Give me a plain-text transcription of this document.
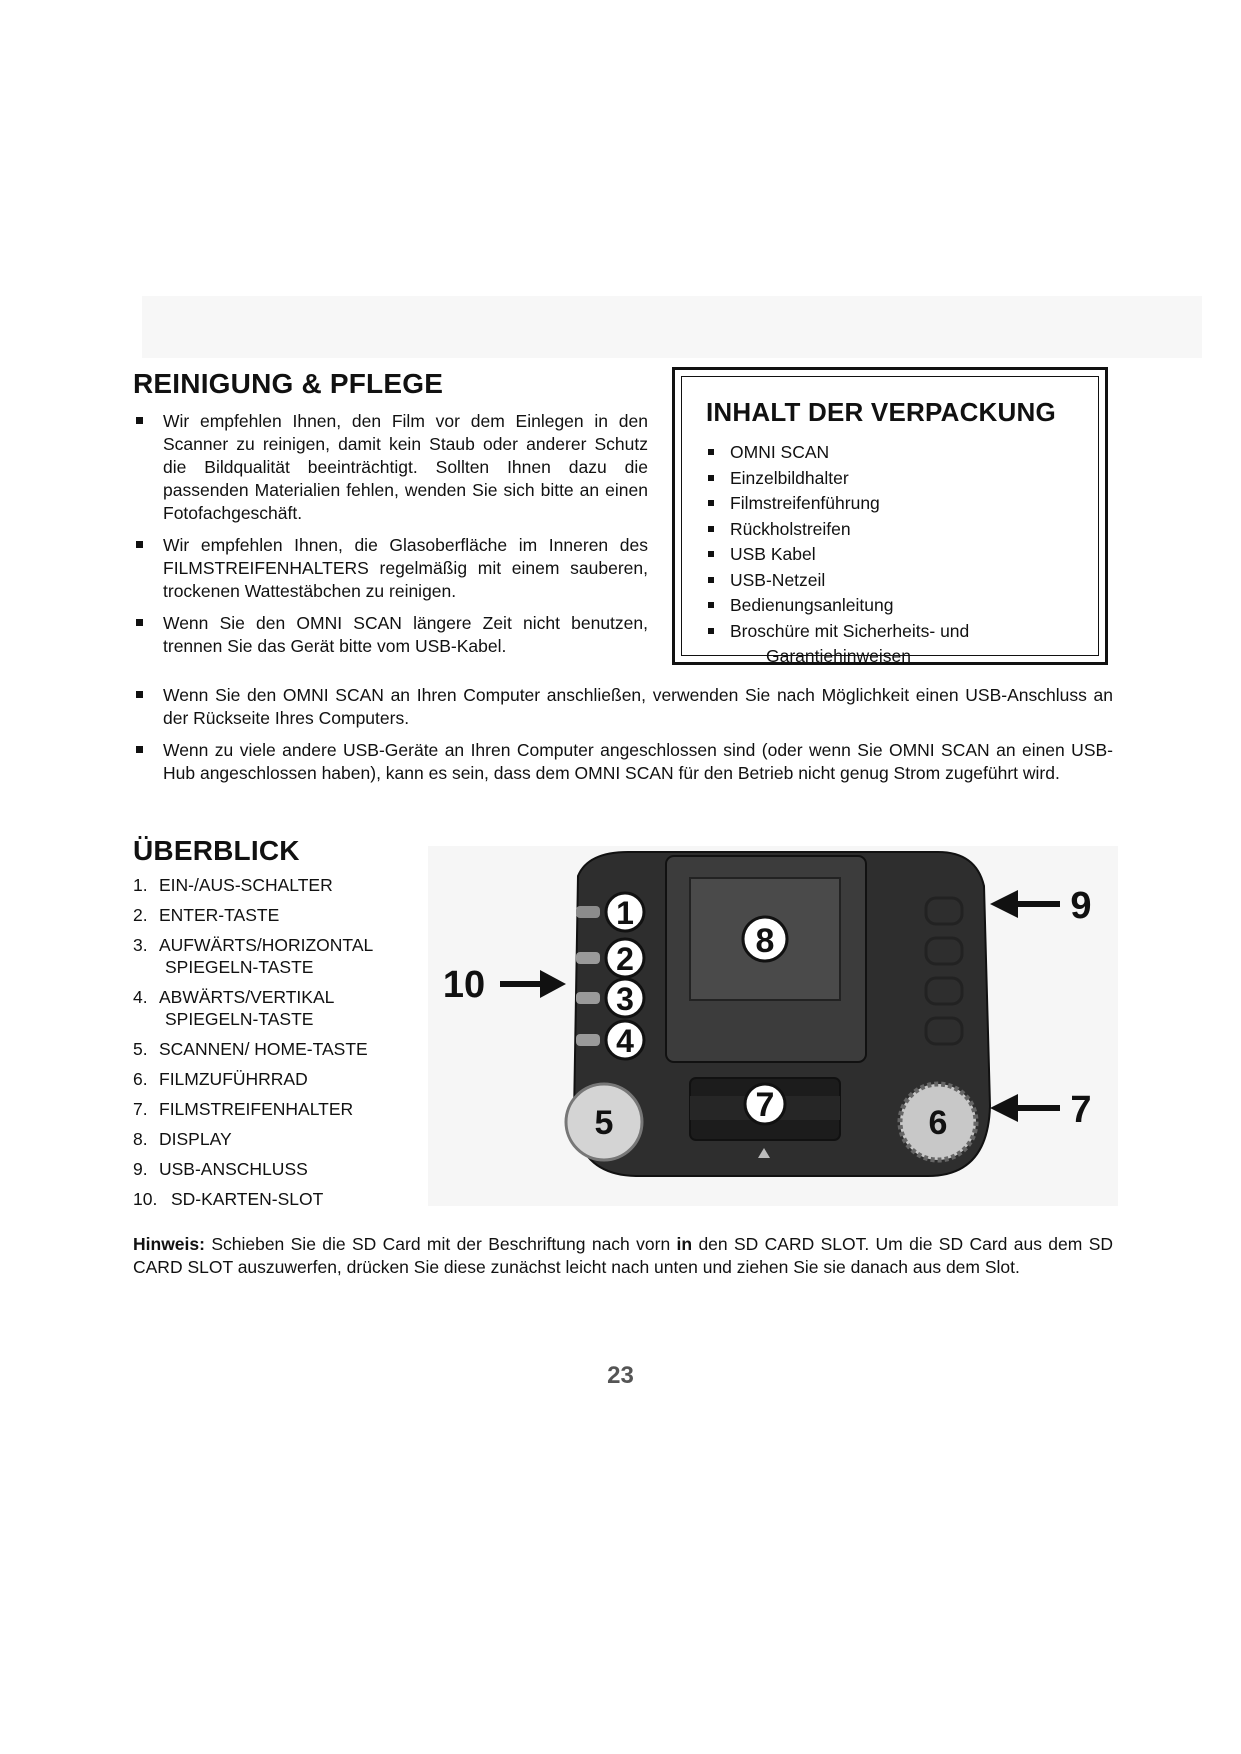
REINIGUNG & PFLEGE
Wir empfehlen Ihnen, den Film vor dem Einlegen in den Scanner zu reinigen, damit kein Staub oder anderer Schutz die Bildqualität beeinträchtigt. Sollten Ihnen dazu die passenden Materialien fehlen, wenden Sie sich bitte an einen Fotofachgeschäft.
Wir empfehlen Ihnen, die Glasoberfläche im Inneren des FILMSTREIFENHALTERS regelmäßig mit einem sauberen, trockenen Wattestäbchen zu reinigen.
Wenn Sie den OMNI SCAN längere Zeit nicht benutzen, trennen Sie das Gerät bitte vom USB-Kabel.
INHALT DER VERPACKUNG
OMNI SCAN
Einzelbildhalter
Filmstreifenführung
Rückholstreifen
USB Kabel
USB-Netzeil
Bedienungsanleitung
Broschüre mit Sicherheits- und
Garantiehinweisen
Wenn Sie den OMNI SCAN an Ihren Computer anschließen, verwenden Sie nach Möglichkeit einen USB-Anschluss an der Rückseite Ihres Computers.
Wenn zu viele andere USB-Geräte an Ihren Computer angeschlossen sind (oder wenn Sie OMNI SCAN an einen USB-Hub angeschlossen haben), kann es sein, dass dem OMNI SCAN für den Betrieb nicht genug Strom zugeführt wird.
ÜBERBLICK
1. EIN-/AUS-SCHALTER
2. ENTER-TASTE
3. AUFWÄRTS/HORIZONTAL
SPIEGELN-TASTE
4. ABWÄRTS/VERTIKAL
SPIEGELN-TASTE
5. SCANNEN/ HOME-TASTE
6. FILMZUFÜHRRAD
7. FILMSTREIFENHALTER
8. DISPLAY
9. USB-ANSCHLUSS
10. SD-KARTEN-SLOT
1
2
3
4
8
7
5	6
10
9
7
Hinweis: Schieben Sie die SD Card mit der Beschriftung nach vorn in den SD CARD SLOT. Um die SD Card aus dem SD CARD SLOT auszuwerfen, drücken Sie diese zunächst leicht nach unten und ziehen Sie sie danach aus dem Slot.
23
